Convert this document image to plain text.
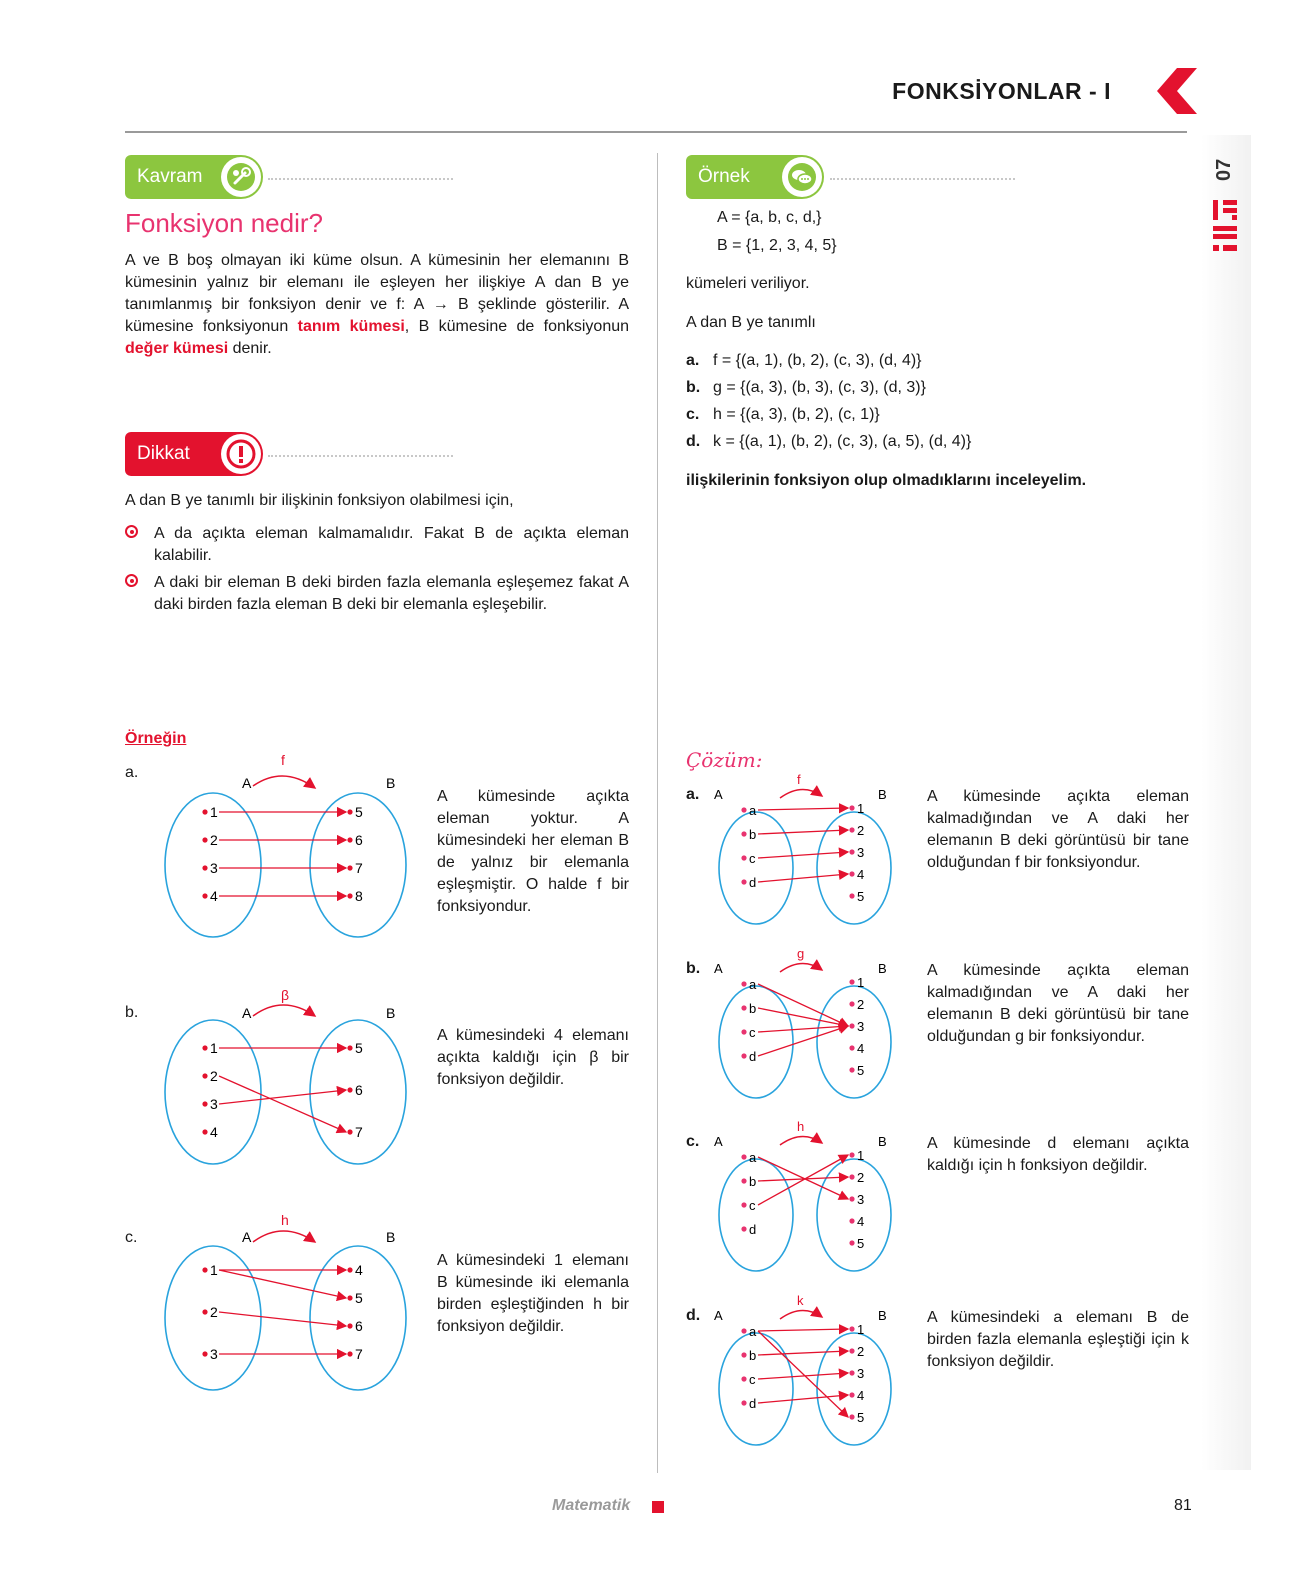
FONKSİYONLAR - I
07
Kavram
Fonksiyon nedir?
A ve B boş olmayan iki küme olsun. A kümesinin her elemanını B kümesinin yalnız bir elemanı ile eşleyen her ilişkiye A dan B ye tanımlanmış bir fonksiyon denir ve f: A → B şeklinde gösterilir. A kümesine fonksiyonun tanım kümesi, B kümesine de fonksiyonun değer kümesi denir.
Dikkat
A dan B ye tanımlı bir ilişkinin fonksiyon olabilmesi için,
A da açıkta eleman kalmamalıdır. Fakat B de açıkta eleman kalabilir.
A daki bir eleman B deki birden fazla elemanla eşleşemez fakat A daki birden fazla eleman B deki bir elemanla eşleşebilir.
Örneğin
a.
A	B
f
1
2
3
4
5
6
7
8
A kümesinde açıkta eleman yoktur. A kümesindeki her eleman B de yalnız bir elemanla eşleşmiştir. O halde f bir fonksiyondur.
b.	A	B
β
1
2
3
4
5
6
7
A kümesindeki 4 elemanı açıkta kaldığı için β bir fonksiyon değildir.
c.	A	B
h
1
2
3
4
5
6
7
A kümesindeki 1 elemanı B kümesinde iki elemanla birden eşleştiğinden h bir fonksiyon değildir.
Örnek
A = {a, b, c, d,}
B = {1, 2, 3, 4, 5}
kümeleri veriliyor.
A dan B ye tanımlı
a. f = {(a, 1), (b, 2), (c, 3), (d, 4)}
b. g = {(a, 3), (b, 3), (c, 3), (d, 3)}
c. h = {(a, 3), (b, 2), (c, 1)}
d. k = {(a, 1), (b, 2), (c, 3), (a, 5), (d, 4)}
ilişkilerinin fonksiyon olup olmadıklarını inceleyelim.
Çözüm:
a. A	B
f
a
b
c
d
1
2
3
4
5
A kümesinde açıkta eleman kalmadığından ve A daki her elemanın B deki görüntüsü bir tane olduğundan f bir fonksiyondur.
b. A	B
g
a
b
c
d
1
2
3
4
5
A kümesinde açıkta eleman kalmadığından ve A daki her elemanın B deki görüntüsü bir tane olduğundan g bir fonksiyondur.
c. A	B
h
a
b
c
d
1
2
3
4
5
A kümesinde d elemanı açıkta kaldığı için h fonksiyon değildir.
d. A	B
k
a
b
c
d
1
2
3
4
5
A kümesindeki a elemanı B de birden fazla elemanla eşleştiği için k fonksiyon değildir.
Matematik	81
